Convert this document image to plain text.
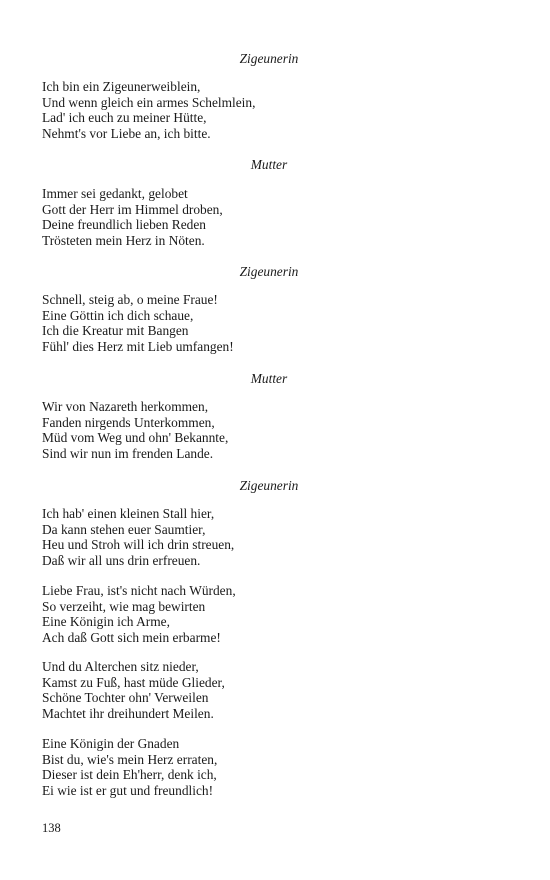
Zigeunerin
Ich bin ein Zigeunerweiblein,
Und wenn gleich ein armes Schelmlein,
Lad' ich euch zu meiner Hütte,
Nehmt's vor Liebe an, ich bitte.
Mutter
Immer sei gedankt, gelobet
Gott der Herr im Himmel droben,
Deine freundlich lieben Reden
Trösteten mein Herz in Nöten.
Zigeunerin
Schnell, steig ab, o meine Fraue!
Eine Göttin ich dich schaue,
Ich die Kreatur mit Bangen
Fühl' dies Herz mit Lieb umfangen!
Mutter
Wir von Nazareth herkommen,
Fanden nirgends Unterkommen,
Müd vom Weg und ohn' Bekannte,
Sind wir nun im frenden Lande.
Zigeunerin
Ich hab' einen kleinen Stall hier,
Da kann stehen euer Saumtier,
Heu und Stroh will ich drin streuen,
Daß wir all uns drin erfreuen.
Liebe Frau, ist's nicht nach Würden,
So verzeiht, wie mag bewirten
Eine Königin ich Arme,
Ach daß Gott sich mein erbarme!
Und du Alterchen sitz nieder,
Kamst zu Fuß, hast müde Glieder,
Schöne Tochter ohn' Verweilen
Machtet ihr dreihundert Meilen.
Eine Königin der Gnaden
Bist du, wie's mein Herz erraten,
Dieser ist dein Eh'herr, denk ich,
Ei wie ist er gut und freundlich!
138
